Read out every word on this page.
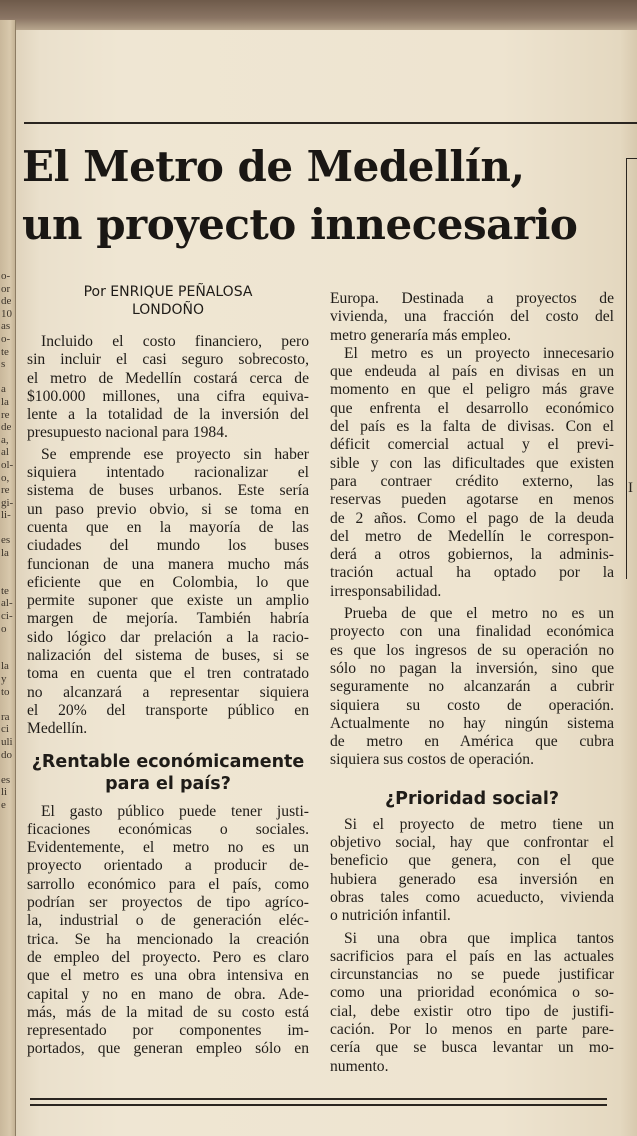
o-
or
de
10
as
o-
te
s

a
la
re
de
a,
al
ol-
o,
re
gi-
li-

es
la

te
al-
ci-
o

la
y
to

ra
ci
uli
do

es
li
e
I
El Metro de Medellín,
un proyecto innecesario
Por ENRIQUE PEÑALOSA
LONDOÑO
Incluido el costo financiero, pero
sin incluir el casi seguro sobrecosto,
el metro de Medellín costará cerca de
$100.000 millones, una cifra equiva-
lente a la totalidad de la inversión del
presupuesto nacional para 1984.
Se emprende ese proyecto sin haber
siquiera intentado racionalizar el
sistema de buses urbanos. Este sería
un paso previo obvio, si se toma en
cuenta que en la mayoría de las
ciudades del mundo los buses
funcionan de una manera mucho más
eficiente que en Colombia, lo que
permite suponer que existe un amplio
margen de mejoría. También habría
sido lógico dar prelación a la racio-
nalización del sistema de buses, si se
toma en cuenta que el tren contratado
no alcanzará a representar siquiera
el 20% del transporte público en
Medellín.
¿Rentable económicamente
para el país?
El gasto público puede tener justi-
ficaciones económicas o sociales.
Evidentemente, el metro no es un
proyecto orientado a producir de-
sarrollo económico para el país, como
podrían ser proyectos de tipo agríco-
la, industrial o de generación eléc-
trica. Se ha mencionado la creación
de empleo del proyecto. Pero es claro
que el metro es una obra intensiva en
capital y no en mano de obra. Ade-
más, más de la mitad de su costo está
representado por componentes im-
portados, que generan empleo sólo en
Europa. Destinada a proyectos de
vivienda, una fracción del costo del
metro generaría más empleo.
El metro es un proyecto innecesario
que endeuda al país en divisas en un
momento en que el peligro más grave
que enfrenta el desarrollo económico
del país es la falta de divisas. Con el
déficit comercial actual y el previ-
sible y con las dificultades que existen
para contraer crédito externo, las
reservas pueden agotarse en menos
de 2 años. Como el pago de la deuda
del metro de Medellín le correspon-
derá a otros gobiernos, la adminis-
tración actual ha optado por la
irresponsabilidad.
Prueba de que el metro no es un
proyecto con una finalidad económica
es que los ingresos de su operación no
sólo no pagan la inversión, sino que
seguramente no alcanzarán a cubrir
siquiera su costo de operación.
Actualmente no hay ningún sistema
de metro en América que cubra
siquiera sus costos de operación.
¿Prioridad social?
Si el proyecto de metro tiene un
objetivo social, hay que confrontar el
beneficio que genera, con el que
hubiera generado esa inversión en
obras tales como acueducto, vivienda
o nutrición infantil.
Si una obra que implica tantos
sacrificios para el país en las actuales
circunstancias no se puede justificar
como una prioridad económica o so-
cial, debe existir otro tipo de justifi-
cación. Por lo menos en parte pare-
cería que se busca levantar un mo-
numento.
